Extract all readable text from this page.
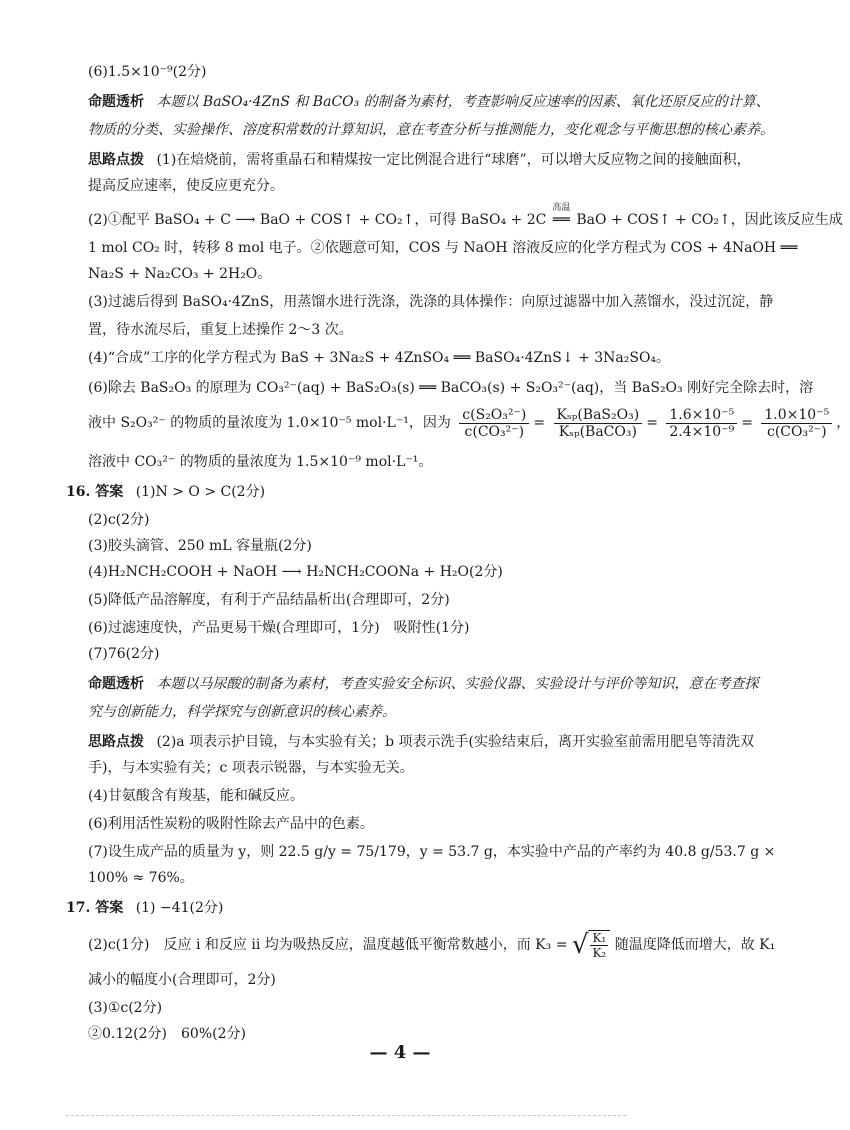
(6)1.5×10⁻⁹(2分)
命题透析 本题以 BaSO₄·4ZnS 和 BaCO₃ 的制备为素材，考查影响反应速率的因素、氧化还原反应的计算、
物质的分类、实验操作、溶度积常数的计算知识，意在考查分析与推测能力，变化观念与平衡思想的核心素养。
思路点拨 (1)在焙烧前，需将重晶石和精煤按一定比例混合进行“球磨”，可以增大反应物之间的接触面积，
提高反应速率，使反应更充分。
(2)①配平 BaSO₄ + C ⟶ BaO + COS↑ + CO₂↑，可得 BaSO₄ + 2C
高温
══ BaO + COS↑ + CO₂↑，因此该反应生成
1 mol CO₂ 时，转移 8 mol 电子。②依题意可知，COS 与 NaOH 溶液反应的化学方程式为 COS + 4NaOH ══
Na₂S + Na₂CO₃ + 2H₂O。
(3)过滤后得到 BaSO₄·4ZnS，用蒸馏水进行洗涤，洗涤的具体操作：向原过滤器中加入蒸馏水，没过沉淀，静
置，待水流尽后，重复上述操作 2～3 次。
(4)“合成”工序的化学方程式为 BaS + 3Na₂S + 4ZnSO₄ ══ BaSO₄·4ZnS↓ + 3Na₂SO₄。
(6)除去 BaS₂O₃ 的原理为 CO₃²⁻(aq) + BaS₂O₃(s) ══ BaCO₃(s) + S₂O₃²⁻(aq)，当 BaS₂O₃ 刚好完全除去时，溶
液中 S₂O₃²⁻ 的物质的量浓度为 1.0×10⁻⁵ mol·L⁻¹，因为 $\frac{\text{c(S₂O₃²⁻)}}{\text{c(CO₃²⁻)}} = \frac{\text{Kₛₚ(BaS₂O₃)}}{\text{Kₛₚ(BaCO₃)}} = \frac{\text{1.6×10⁻⁵}}{\text{2.4×10⁻⁹}} = \frac{\text{1.0×10⁻⁵}}{\text{c(CO₃²⁻)}}$ ，
溶液中 CO₃²⁻ 的物质的量浓度为 1.5×10⁻⁹ mol·L⁻¹。
16. 答案 (1)N > O > C(2分)
(2)c(2分)
(3)胶头滴管、250 mL 容量瓶(2分)
(4)H₂NCH₂COOH + NaOH ⟶ H₂NCH₂COONa + H₂O(2分)
(5)降低产品溶解度，有利于产品结晶析出(合理即可，2分)
(6)过滤速度快，产品更易干燥(合理即可，1分)　吸附性(1分)
(7)76(2分)
命题透析 本题以马尿酸的制备为素材，考查实验安全标识、实验仪器、实验设计与评价等知识，意在考查探
究与创新能力，科学探究与创新意识的核心素养。
思路点拨 (2)a 项表示护目镜，与本实验有关；b 项表示洗手(实验结束后，离开实验室前需用肥皂等清洗双
手)，与本实验有关；c 项表示锐器，与本实验无关。
(4)甘氨酸含有羧基，能和碱反应。
(6)利用活性炭粉的吸附性除去产品中的色素。
(7)设生成产品的质量为 y，则 22.5 g/y = 75/179，y = 53.7 g，本实验中产品的产率约为 40.8 g/53.7 g ×
100% ≈ 76%。
17. 答案 (1) −41(2分)
(2)c(1分)　反应 ⅰ 和反应 ⅱ 均为吸热反应，温度越低平衡常数越小，而 K₃ = √ $\frac{\text{K₁}}{\text{K₂}}$ 随温度降低而增大，故 K₁
减小的幅度小(合理即可，2分)
(3)①c(2分)
②0.12(2分)　60%(2分)
— 4 —
